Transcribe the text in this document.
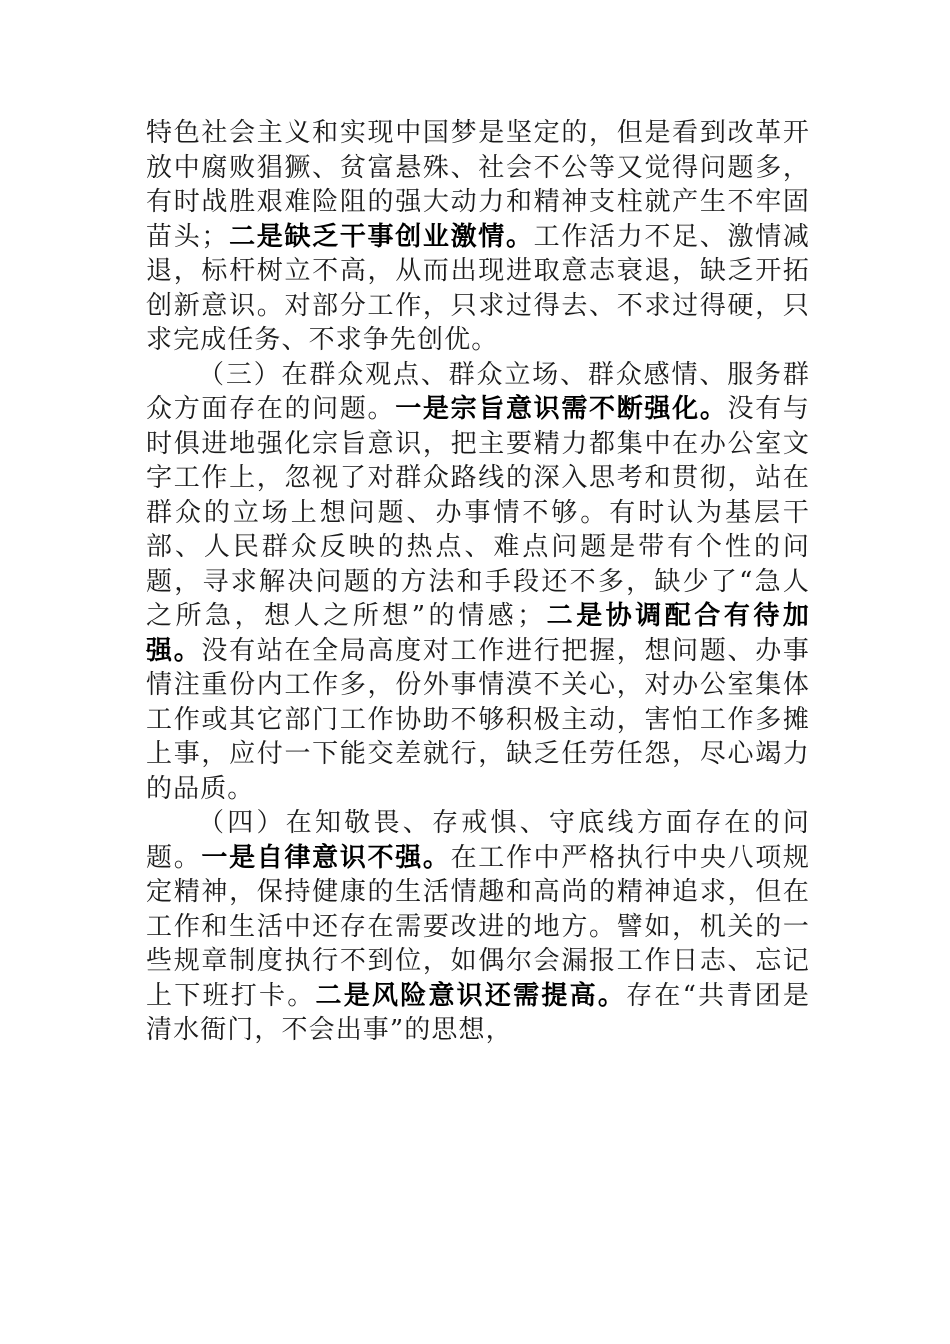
特色社会主义和实现中国梦是坚定的，但是看到改革开放中腐败猖獗、贫富悬殊、社会不公等又觉得问题多，有时战胜艰难险阻的强大动力和精神支柱就产生不牢固苗头；二是缺乏干事创业激情。工作活力不足、激情减退，标杆树立不高，从而出现进取意志衰退，缺乏开拓创新意识。对部分工作，只求过得去、不求过得硬，只求完成任务、不求争先创优。

（三）在群众观点、群众立场、群众感情、服务群众方面存在的问题。一是宗旨意识需不断强化。没有与时俱进地强化宗旨意识，把主要精力都集中在办公室文字工作上，忽视了对群众路线的深入思考和贯彻，站在群众的立场上想问题、办事情不够。有时认为基层干部、人民群众反映的热点、难点问题是带有个性的问题，寻求解决问题的方法和手段还不多，缺少了“急人之所急，想人之所想”的情感；二是协调配合有待加强。没有站在全局高度对工作进行把握，想问题、办事情注重份内工作多，份外事情漠不关心，对办公室集体工作或其它部门工作协助不够积极主动，害怕工作多摊上事，应付一下能交差就行，缺乏任劳任怨，尽心竭力的品质。

（四）在知敬畏、存戒惧、守底线方面存在的问题。一是自律意识不强。在工作中严格执行中央八项规定精神，保持健康的生活情趣和高尚的精神追求，但在工作和生活中还存在需要改进的地方。譬如，机关的一些规章制度执行不到位，如偶尔会漏报工作日志、忘记上下班打卡。二是风险意识还需提高。存在“共青团是清水衙门，不会出事”的思想，
